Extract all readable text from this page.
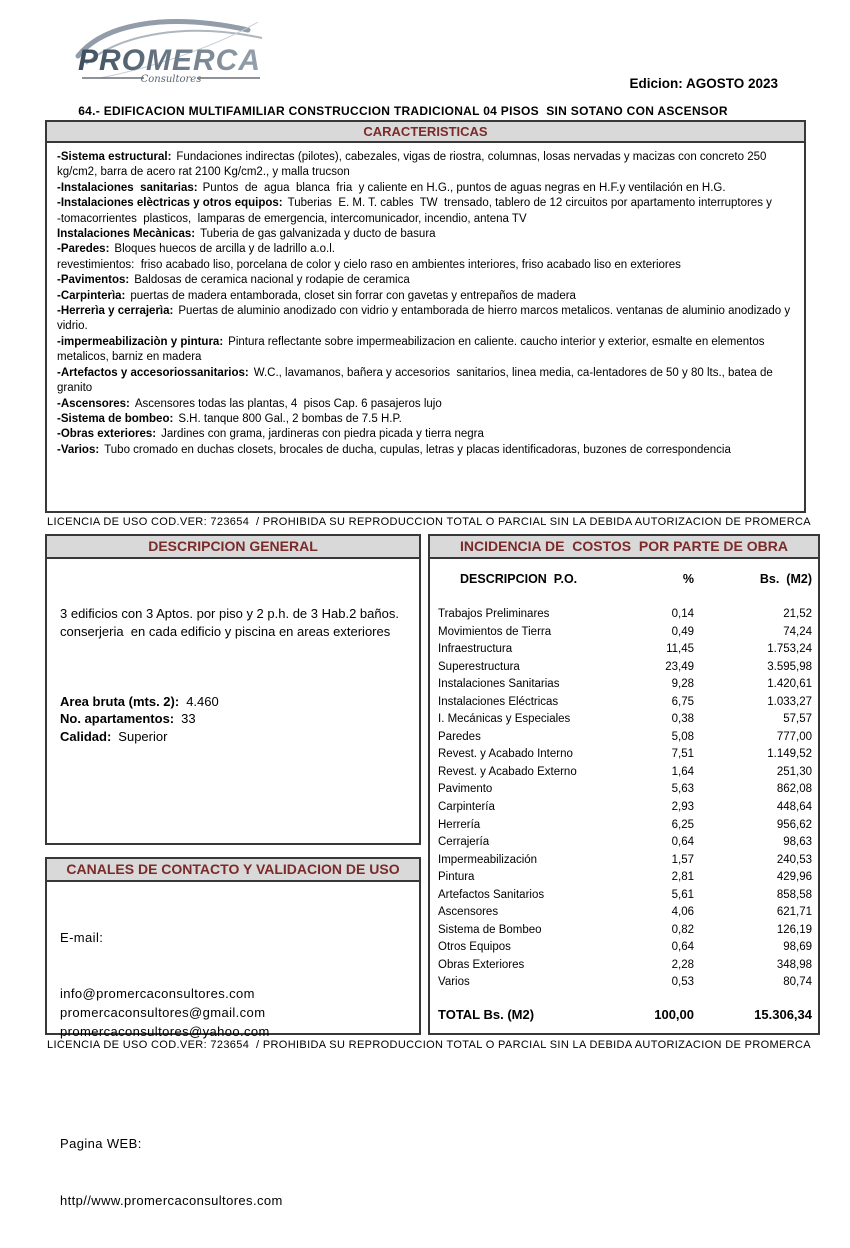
PROMERCA
Consultores

	Edicion: AGOSTO 2023

64.- EDIFICACION MULTIFAMILIAR CONSTRUCCION TRADICIONAL 04 PISOS  SIN SOTANO CON ASCENSOR
CARACTERISTICAS
-Sistema estructural: Fundaciones indirectas (pilotes), cabezales, vigas de riostra, columnas, losas nervadas y macizas con concreto 250 kg/cm2, barra de acero rat 2100 Kg/cm2., y malla trucson
-Instalaciones  sanitarias: Puntos  de  agua  blanca  fria  y caliente en H.G., puntos de aguas negras en H.F.y ventilación en H.G.
-Instalaciones elèctricas y otros equipos: Tuberias  E. M. T. cables  TW  trensado, tablero de 12 circuitos por apartamento interruptores y
-tomacorrientes  plasticos,  lamparas de emergencia, intercomunicador, incendio, antena TV
Instalaciones Mecànicas: Tuberia de gas galvanizada y ducto de basura
-Paredes: Bloques huecos de arcilla y de ladrillo a.o.l.
revestimientos:  friso acabado liso, porcelana de color y cielo raso en ambientes interiores, friso acabado liso en exteriores
-Pavimentos: Baldosas de ceramica nacional y rodapie de ceramica
-Carpinterìa: puertas de madera entamborada, closet sin forrar con gavetas y entrepaños de madera
-Herrerìa y cerrajerìa: Puertas de aluminio anodizado con vidrio y entamborada de hierro marcos metalicos. ventanas de aluminio anodizado y vidrio.
-impermeabilizaciòn y pintura: Pintura reflectante sobre impermeabilizacion en caliente. caucho interior y exterior, esmalte en elementos metalicos, barniz en madera
-Artefactos y accesoriossanitarios: W.C., lavamanos, bañera y accesorios  sanitarios, linea media, ca-lentadores de 50 y 80 lts., batea de granito
-Ascensores: Ascensores todas las plantas, 4  pisos Cap. 6 pasajeros lujo
-Sistema de bombeo: S.H. tanque 800 Gal., 2 bombas de 7.5 H.P.
-Obras exteriores: Jardines con grama, jardineras con piedra picada y tierra negra
-Varios: Tubo cromado en duchas closets, brocales de ducha, cupulas, letras y placas identificadoras, buzones de correspondencia
LICENCIA DE USO COD.VER: 723654  / PROHIBIDA SU REPRODUCCION TOTAL O PARCIAL SIN LA DEBIDA AUTORIZACION DE PROMERCA
DESCRIPCION GENERAL

3 edificios con 3 Aptos. por piso y 2 p.h. de 3 Hab.2 baños. conserjeria  en cada edificio y piscina en areas exteriores

Area bruta (mts. 2): 4.460
No. apartamentos: 33
Calidad: Superior

CANALES DE CONTACTO Y VALIDACION DE USO

E-mail:

info@promercaconsultores.com
promercaconsultores@gmail.com
promercaconsultores@yahoo.com

Pagina WEB:

http//www.promercaconsultores.com

INCIDENCIA DE  COSTOS  POR PARTE DE OBRA
DESCRIPCION  P.O.	%	Bs.  (M2)
Trabajos Preliminares	0,14	21,52
Movimientos de Tierra	0,49	74,24
Infraestructura	11,45	1.753,24
Superestructura	23,49	3.595,98
Instalaciones Sanitarias	9,28	1.420,61
Instalaciones Eléctricas	6,75	1.033,27
I. Mecánicas y Especiales	0,38	57,57
Paredes	5,08	777,00
Revest. y Acabado Interno	7,51	1.149,52
Revest. y Acabado Externo	1,64	251,30
Pavimento	5,63	862,08
Carpintería	2,93	448,64
Herrería	6,25	956,62
Cerrajería	0,64	98,63
Impermeabilización	1,57	240,53
Pintura	2,81	429,96
Artefactos Sanitarios	5,61	858,58
Ascensores	4,06	621,71
Sistema de Bombeo	0,82	126,19
Otros Equipos	0,64	98,69
Obras Exteriores	2,28	348,98
Varios	0,53	80,74
TOTAL Bs. (M2)	100,00	15.306,34
LICENCIA DE USO COD.VER: 723654  / PROHIBIDA SU REPRODUCCION TOTAL O PARCIAL SIN LA DEBIDA AUTORIZACION DE PROMERCA
